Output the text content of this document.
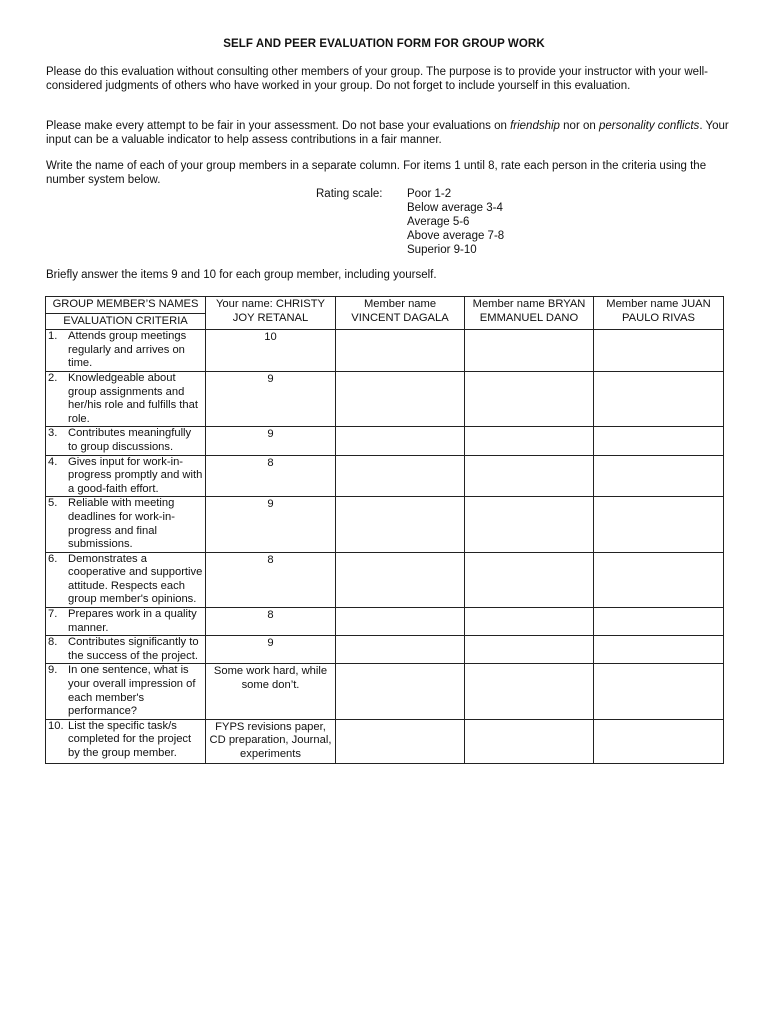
SELF AND PEER EVALUATION FORM FOR GROUP WORK
Please do this evaluation without consulting other members of your group. The purpose is to provide your instructor with your well-considered judgments of others who have worked in your group. Do not forget to include yourself in this evaluation.
Please make every attempt to be fair in your assessment. Do not base your evaluations on friendship nor on personality conflicts. Your input can be a valuable indicator to help assess contributions in a fair manner.
Write the name of each of your group members in a separate column. For items 1 until 8, rate each person in the criteria using the number system below.
Rating scale:	Poor 1-2
Below average 3-4
Average 5-6
Above average 7-8
Superior 9-10
Briefly answer the items 9 and 10 for each group member, including yourself.
GROUP MEMBER’S NAMES
EVALUATION CRITERIA	Your name: CHRISTY JOY RETANAL	Member name VINCENT DAGALA	Member name BRYAN EMMANUEL DANO	Member name JUAN PAULO RIVAS

1. Attends group meetings regularly and arrives on time.	10			

2. Knowledgeable about group assignments and her/his role and fulfills that role.	9			

3. Contributes meaningfully to group discussions.	9			

4. Gives input for work-in-progress promptly and with a good-faith effort.	8			

5. Reliable with meeting deadlines for work-in-progress and final submissions.	9			

6. Demonstrates a cooperative and supportive attitude. Respects each group member's opinions.	8			

7. Prepares work in a quality manner.	8			

8. Contributes significantly to the success of the project.	9			

9. In one sentence, what is your overall impression of each member's performance?	Some work hard, while some don’t.			

10. List the specific task/s completed for the project by the group member.	FYPS revisions paper, CD preparation, Journal, experiments			
